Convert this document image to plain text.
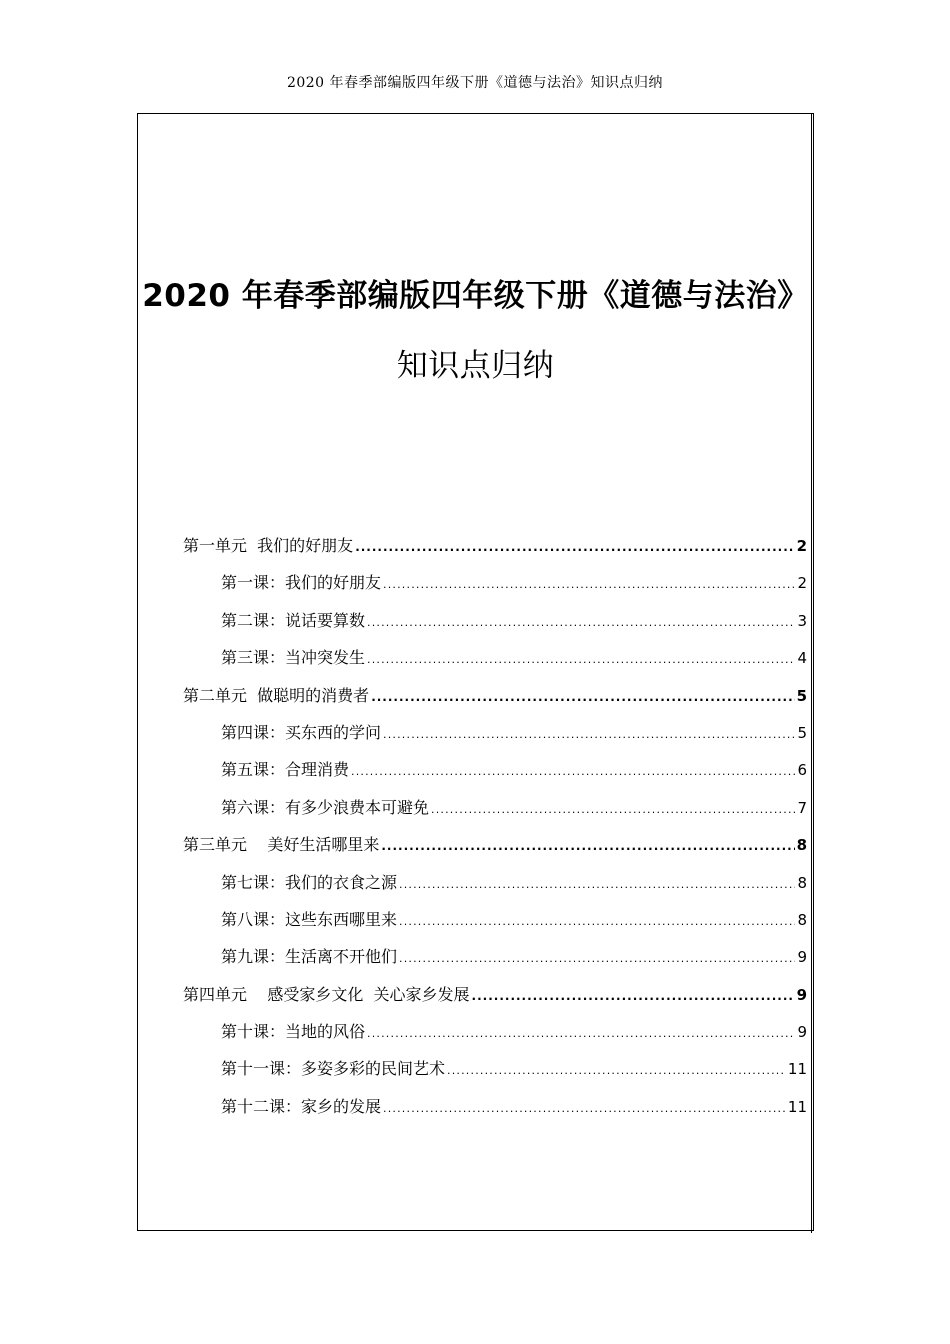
2020 年春季部编版四年级下册《道德与法治》知识点归纳
2020 年春季部编版四年级下册《道德与法治》
知识点归纳
第一单元  我们的好朋友 .....	2
第一课：我们的好朋友 .....	2
第二课：说话要算数 .....	3
第三课：当冲突发生 .....	4
第二单元  做聪明的消费者 .....	5
第四课：买东西的学问 .....	5
第五课：合理消费 .....	6
第六课：有多少浪费本可避免 .....	7
第三单元    美好生活哪里来 .....	8
第七课：我们的衣食之源 .....	8
第八课：这些东西哪里来 .....	8
第九课：生活离不开他们 .....	9
第四单元    感受家乡文化  关心家乡发展 .....	9
第十课：当地的风俗 .....	9
第十一课：多姿多彩的民间艺术 .....	11
第十二课：家乡的发展 .....	11
